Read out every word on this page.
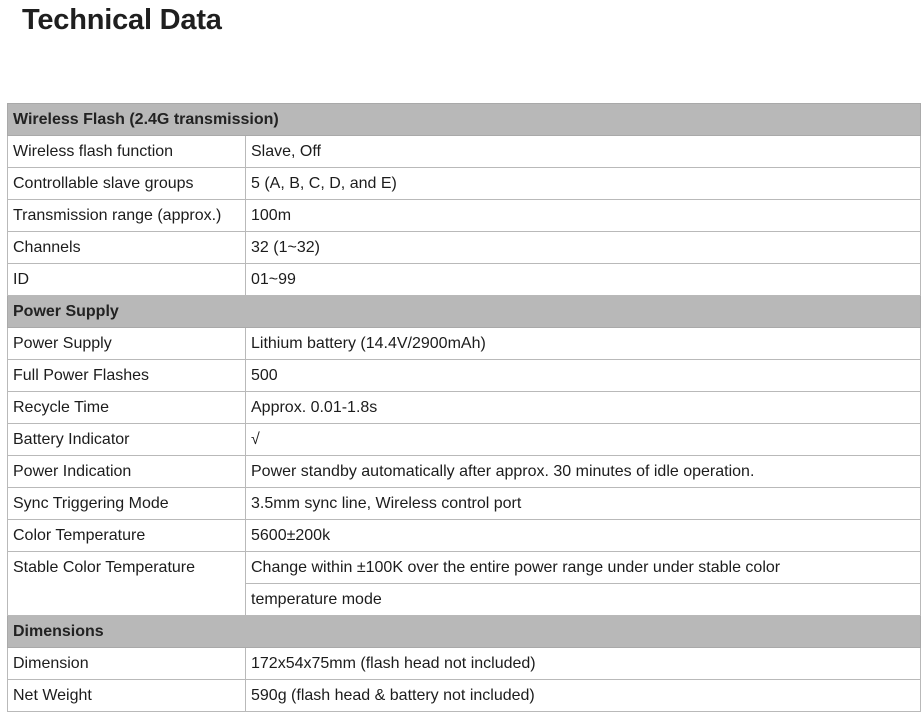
Technical Data
Wireless Flash (2.4G transmission)	
Wireless flash function	Slave, Off
Controllable slave groups	5 (A, B, C, D, and E)
Transmission range (approx.)	100m
Channels	32 (1~32)
ID	01~99
Power Supply	
Power Supply	Lithium battery (14.4V/2900mAh)
Full Power Flashes	500
Recycle Time	Approx. 0.01-1.8s
Battery Indicator	√
Power Indication	Power standby automatically after approx. 30 minutes of idle operation.
Sync Triggering Mode	3.5mm sync line, Wireless control port
Color Temperature	5600±200k
Stable Color Temperature	Change within ±100K over the entire power range under under stable color
	temperature mode
Dimensions	
Dimension	172x54x75mm (flash head not included)
Net Weight	590g (flash head & battery not included)
